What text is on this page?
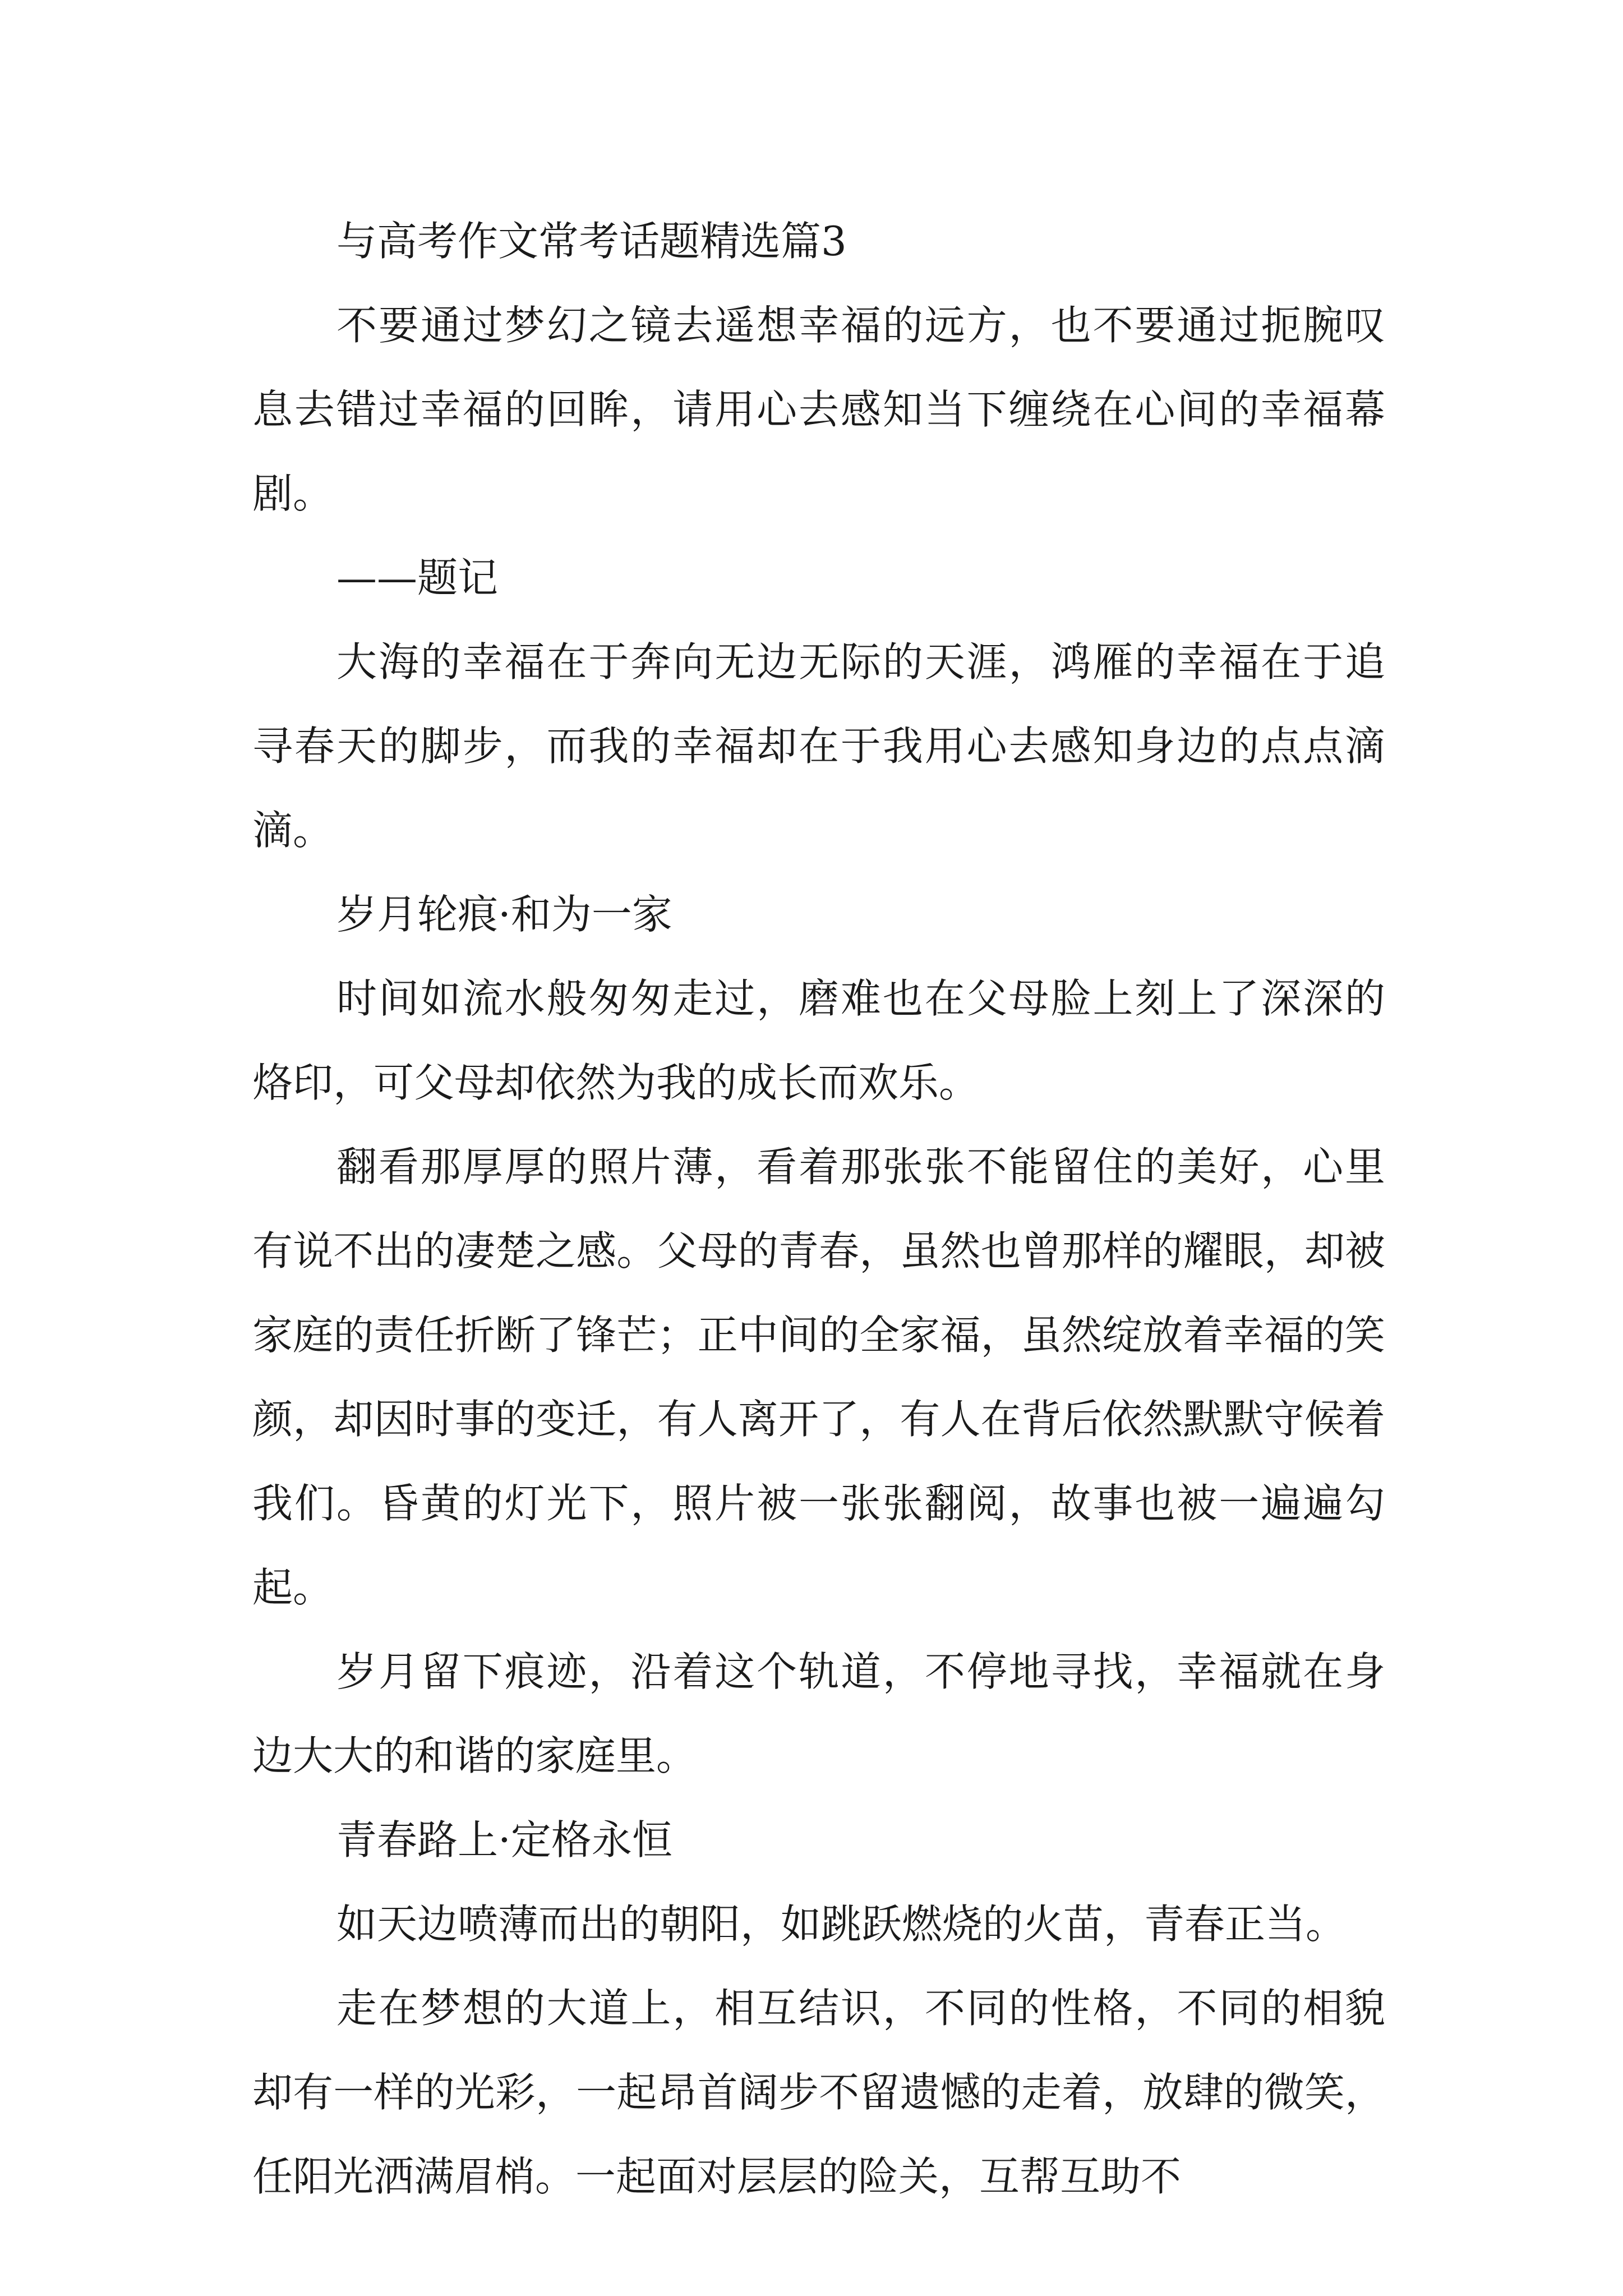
与高考作文常考话题精选篇3

不要通过梦幻之镜去遥想幸福的远方，也不要通过扼腕叹息去错过幸福的回眸，请用心去感知当下缠绕在心间的幸福幕剧。

——题记

大海的幸福在于奔向无边无际的天涯，鸿雁的幸福在于追寻春天的脚步，而我的幸福却在于我用心去感知身边的点点滴滴。

岁月轮痕·和为一家

时间如流水般匆匆走过，磨难也在父母脸上刻上了深深的烙印，可父母却依然为我的成长而欢乐。

翻看那厚厚的照片薄，看着那张张不能留住的美好，心里有说不出的凄楚之感。父母的青春，虽然也曾那样的耀眼，却被家庭的责任折断了锋芒；正中间的全家福，虽然绽放着幸福的笑颜，却因时事的变迁，有人离开了，有人在背后依然默默守候着我们。昏黄的灯光下，照片被一张张翻阅，故事也被一遍遍勾起。

岁月留下痕迹，沿着这个轨道，不停地寻找，幸福就在身边大大的和谐的家庭里。

青春路上·定格永恒

如天边喷薄而出的朝阳，如跳跃燃烧的火苗，青春正当。

走在梦想的大道上，相互结识，不同的性格，不同的相貌却有一样的光彩，一起昂首阔步不留遗憾的走着，放肆的微笑，任阳光洒满眉梢。一起面对层层的险关，互帮互助不
